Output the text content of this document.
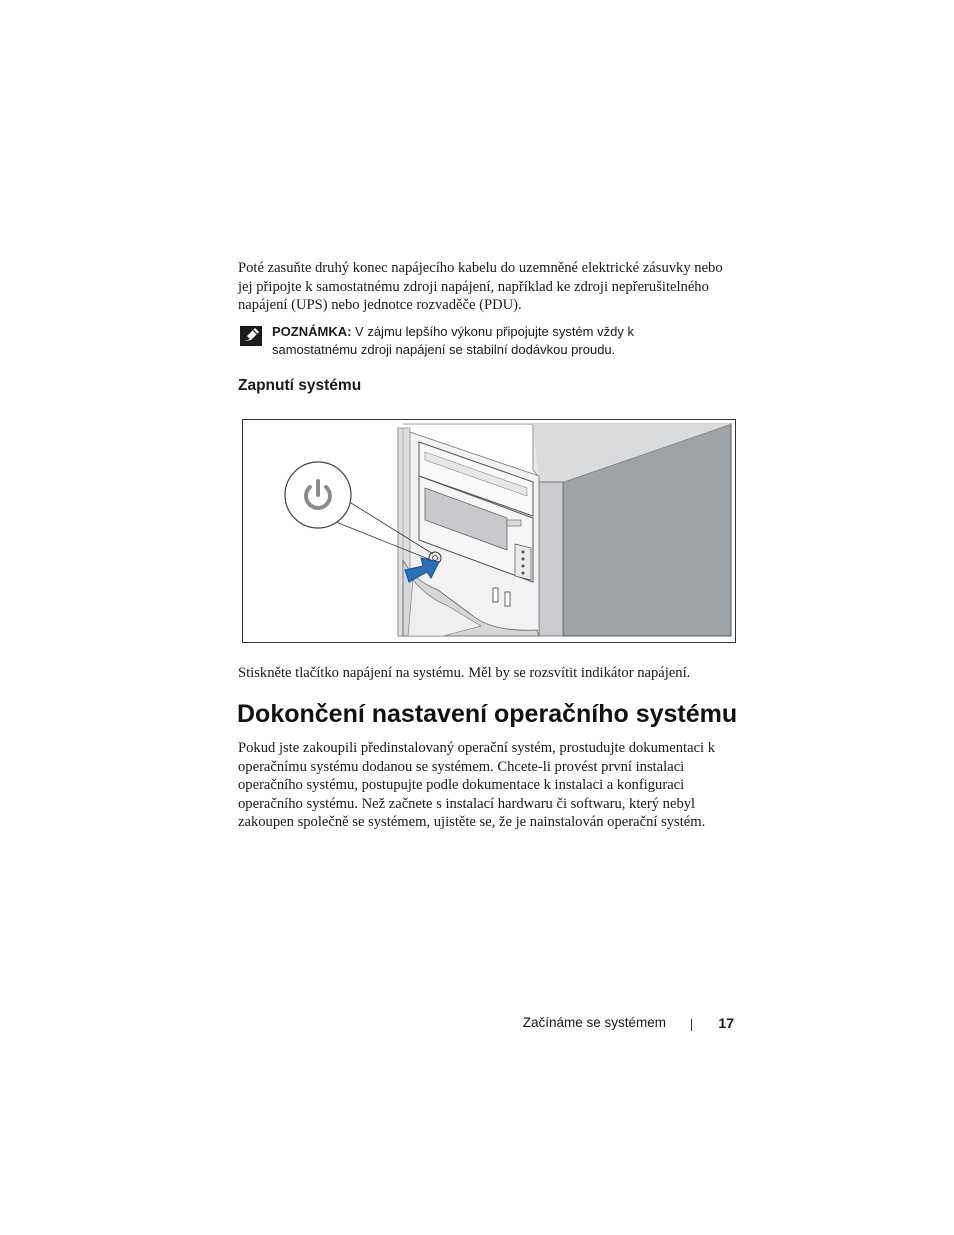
Poté zasuňte druhý konec napájecího kabelu do uzemněné elektrické zásuvky nebo jej připojte k samostatnému zdroji napájení, například ke zdroji nepřerušitelného napájení (UPS) nebo jednotce rozvaděče (PDU).

POZNÁMKA: V zájmu lepšího výkonu připojujte systém vždy k samostatnému zdroji napájení se stabilní dodávkou proudu.

Zapnutí systému

Stiskněte tlačítko napájení na systému. Měl by se rozsvítit indikátor napájení.

Dokončení nastavení operačního systému

Pokud jste zakoupili předinstalovaný operační systém, prostudujte dokumentaci k operačnímu systému dodanou se systémem. Chcete-li provést první instalaci operačního systému, postupujte podle dokumentace k instalaci a konfiguraci operačního systému. Než začnete s instalací hardwaru či softwaru, který nebyl zakoupen společně se systémem, ujistěte se, že je nainstalován operační systém.

Začínáme se systémem	17
